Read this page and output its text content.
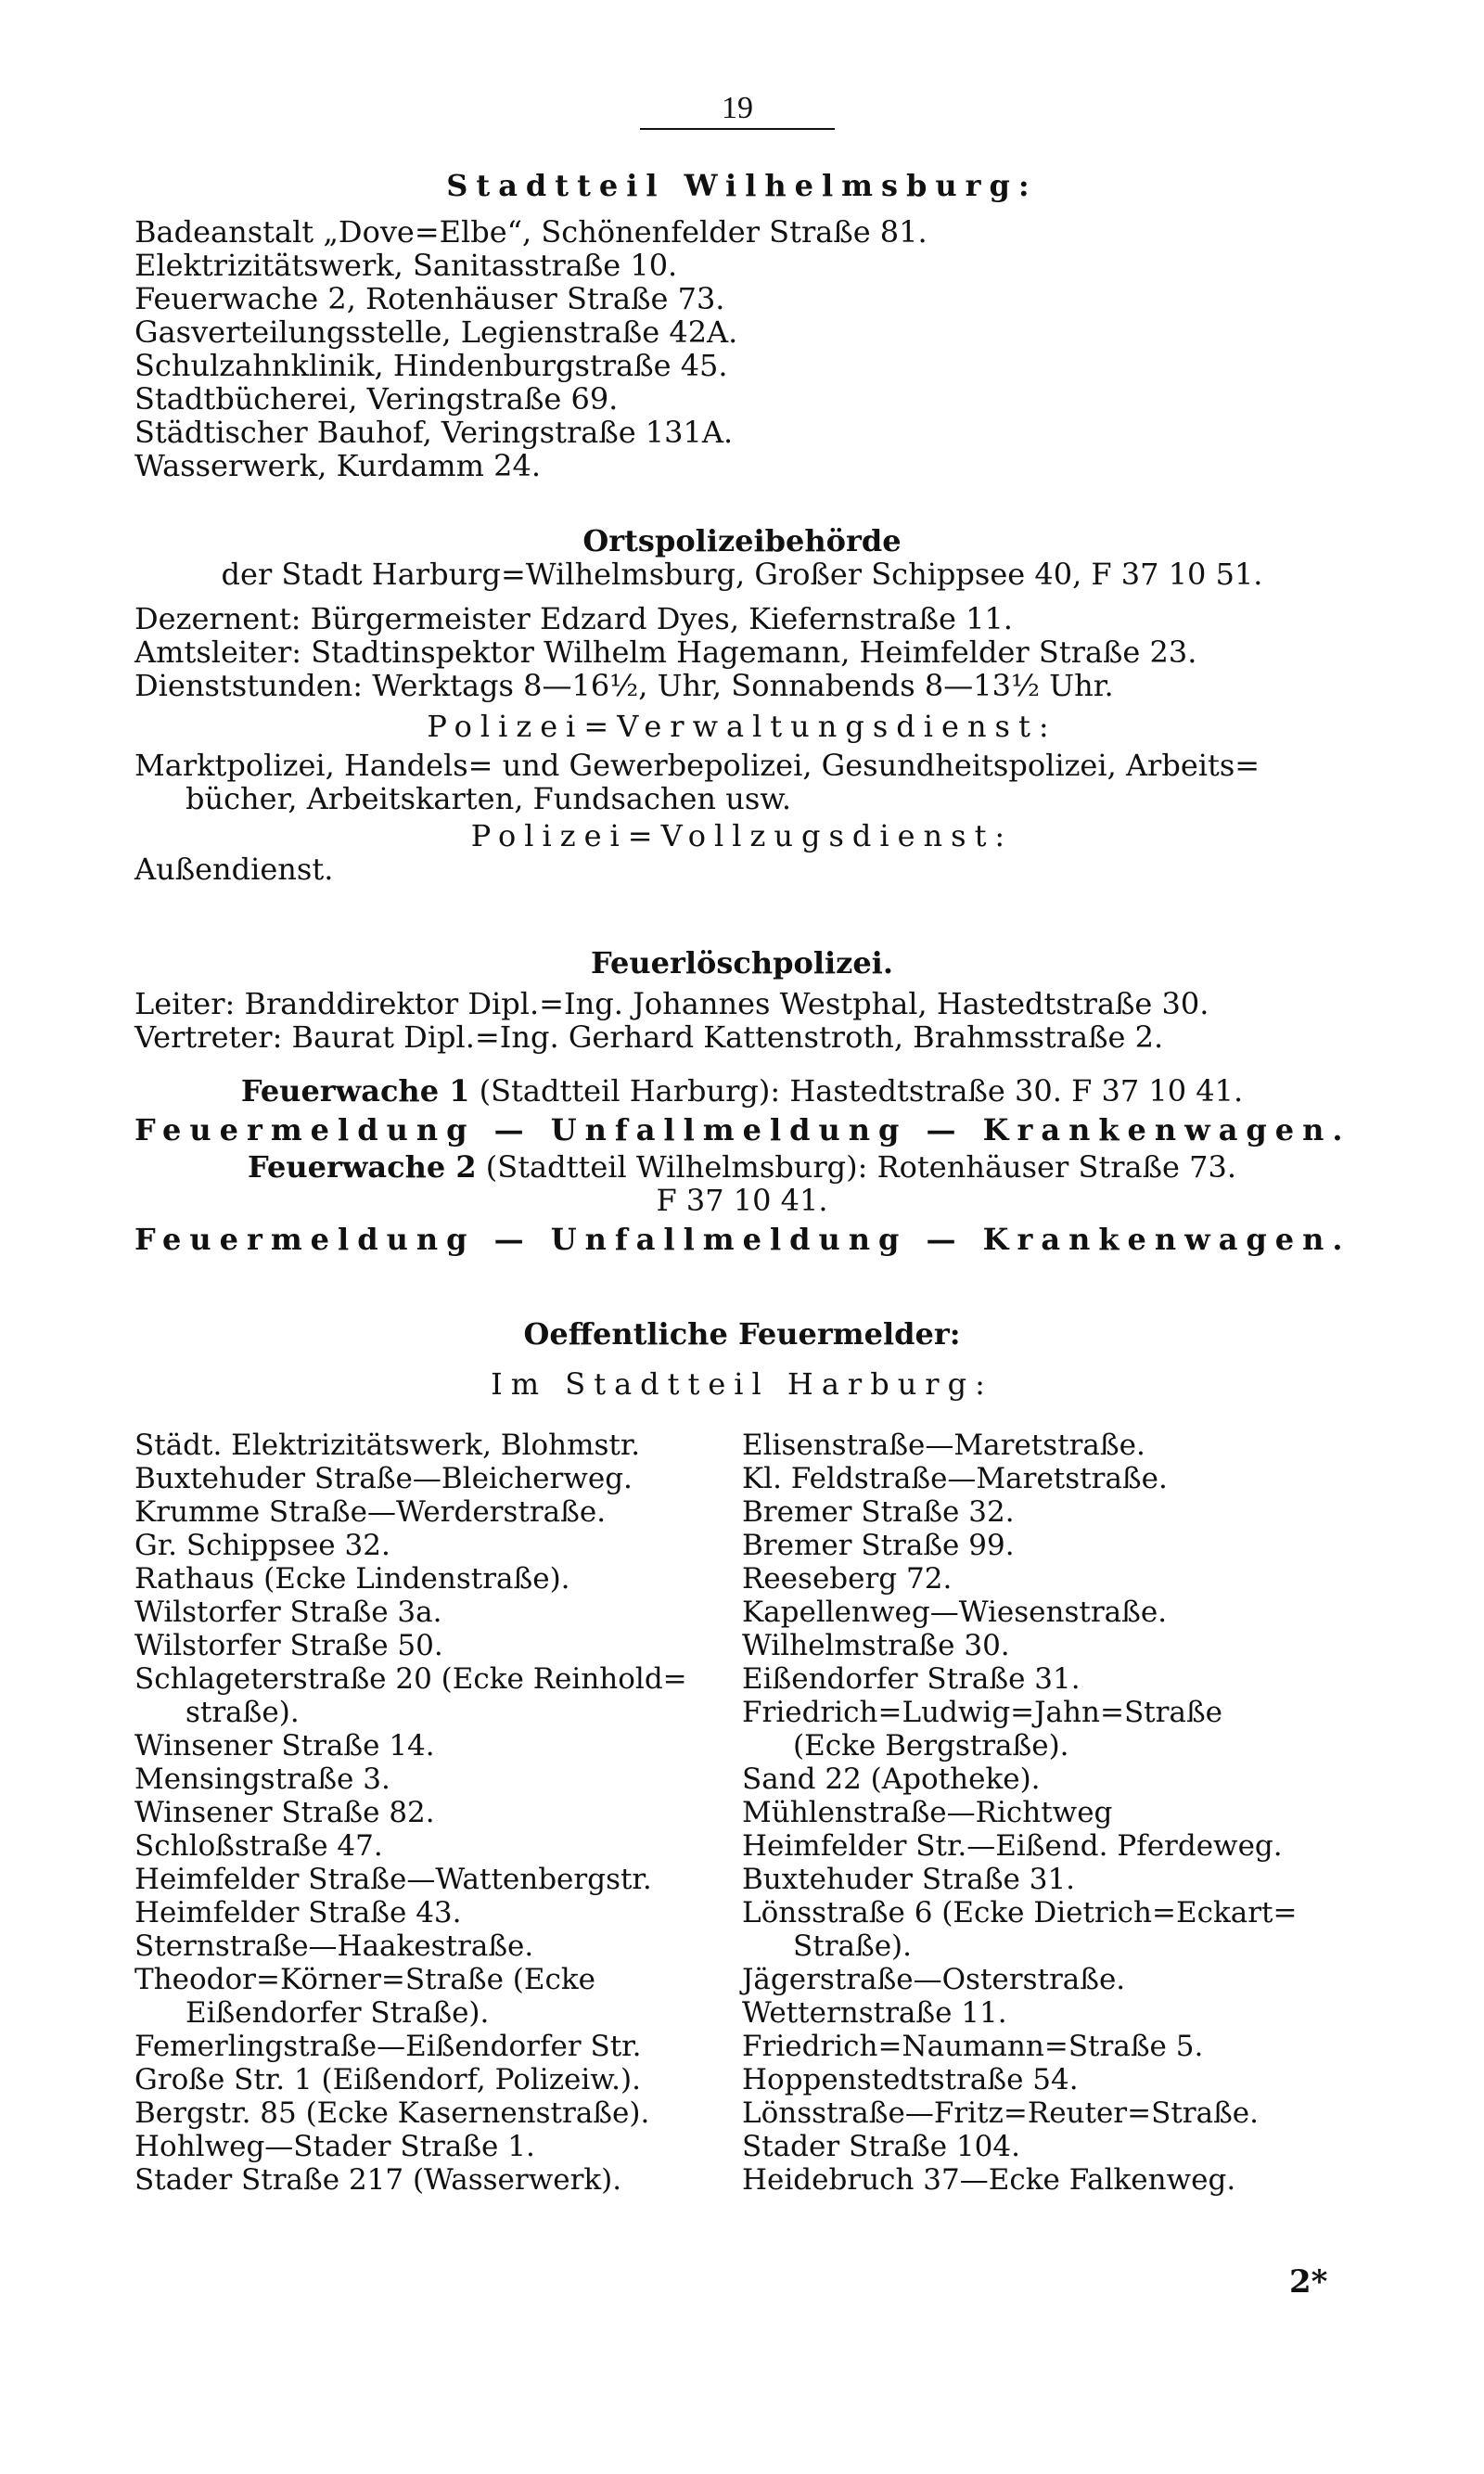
19
Stadtteil Wilhelmsburg:
Badeanstalt „Dove=Elbe“, Schönenfelder Straße 81.
Elektrizitätswerk, Sanitasstraße 10.
Feuerwache 2, Rotenhäuser Straße 73.
Gasverteilungsstelle, Legienstraße 42A.
Schulzahnklinik, Hindenburgstraße 45.
Stadtbücherei, Veringstraße 69.
Städtischer Bauhof, Veringstraße 131A.
Wasserwerk, Kurdamm 24.
Ortspolizeibehörde
der Stadt Harburg=Wilhelmsburg, Großer Schippsee 40, F 37 10 51.
Dezernent: Bürgermeister Edzard Dyes, Kiefernstraße 11.
Amtsleiter: Stadtinspektor Wilhelm Hagemann, Heimfelder Straße 23.
Dienststunden: Werktags 8—16½, Uhr, Sonnabends 8—13½ Uhr.
Polizei=Verwaltungsdienst:
Marktpolizei, Handels= und Gewerbepolizei, Gesundheitspolizei, Arbeits=
bücher, Arbeitskarten, Fundsachen usw.
Polizei=Vollzugsdienst:
Außendienst.
Feuerlöschpolizei.
Leiter: Branddirektor Dipl.=Ing. Johannes Westphal, Hastedtstraße 30.
Vertreter: Baurat Dipl.=Ing. Gerhard Kattenstroth, Brahmsstraße 2.
Feuerwache 1 (Stadtteil Harburg): Hastedtstraße 30. F 37 10 41.
Feuermeldung — Unfallmeldung — Krankenwagen.
Feuerwache 2 (Stadtteil Wilhelmsburg): Rotenhäuser Straße 73.
F 37 10 41.
Feuermeldung — Unfallmeldung — Krankenwagen.
Oeffentliche Feuermelder:
Im Stadtteil Harburg:
Städt. Elektrizitätswerk, Blohmstr.
Buxtehuder Straße—Bleicherweg.
Krumme Straße—Werderstraße.
Gr. Schippsee 32.
Rathaus (Ecke Lindenstraße).
Wilstorfer Straße 3a.
Wilstorfer Straße 50.
Schlageterstraße 20 (Ecke Reinhold=
straße).
Winsener Straße 14.
Mensingstraße 3.
Winsener Straße 82.
Schloßstraße 47.
Heimfelder Straße—Wattenbergstr.
Heimfelder Straße 43.
Sternstraße—Haakestraße.
Theodor=Körner=Straße (Ecke
Eißendorfer Straße).
Femerlingstraße—Eißendorfer Str.
Große Str. 1 (Eißendorf, Polizeiw.).
Bergstr. 85 (Ecke Kasernenstraße).
Hohlweg—Stader Straße 1.
Stader Straße 217 (Wasserwerk).
Elisenstraße—Maretstraße.
Kl. Feldstraße—Maretstraße.
Bremer Straße 32.
Bremer Straße 99.
Reeseberg 72.
Kapellenweg—Wiesenstraße.
Wilhelmstraße 30.
Eißendorfer Straße 31.
Friedrich=Ludwig=Jahn=Straße
(Ecke Bergstraße).
Sand 22 (Apotheke).
Mühlenstraße—Richtweg
Heimfelder Str.—Eißend. Pferdeweg.
Buxtehuder Straße 31.
Lönsstraße 6 (Ecke Dietrich=Eckart=
Straße).
Jägerstraße—Osterstraße.
Wetternstraße 11.
Friedrich=Naumann=Straße 5.
Hoppenstedtstraße 54.
Lönsstraße—Fritz=Reuter=Straße.
Stader Straße 104.
Heidebruch 37—Ecke Falkenweg.
2*
